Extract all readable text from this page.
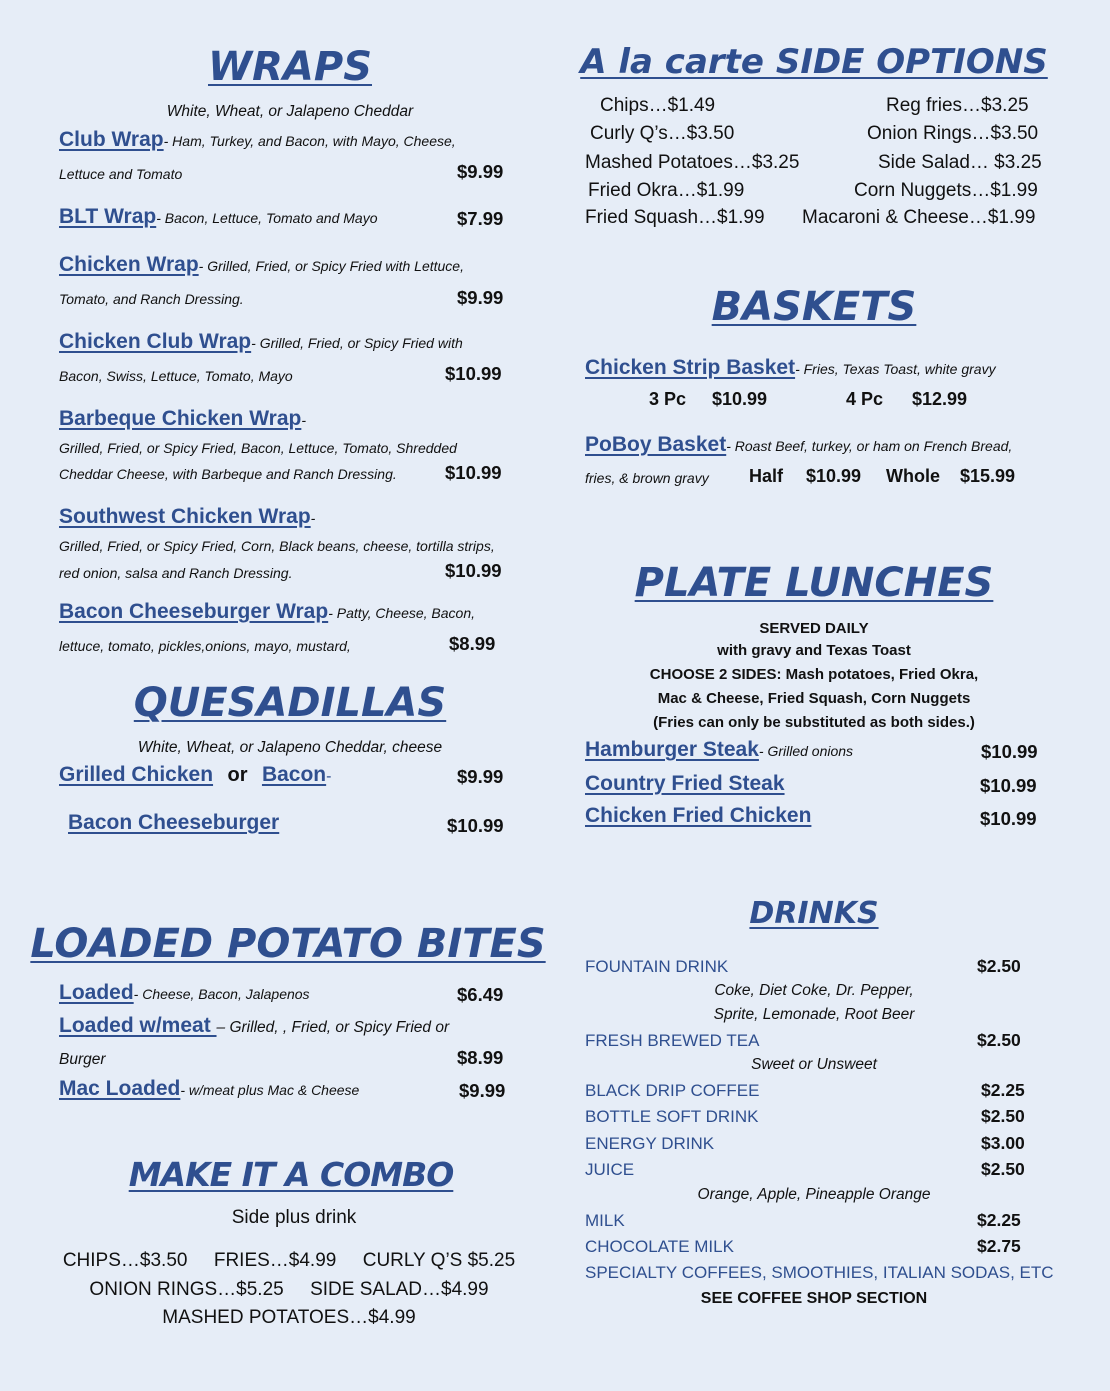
WRAPS
White, Wheat, or Jalapeno Cheddar
Club Wrap- Ham, Turkey, and Bacon, with Mayo, Cheese,
Lettuce and Tomato	$9.99
BLT Wrap- Bacon, Lettuce, Tomato and Mayo	$7.99
Chicken Wrap- Grilled, Fried, or Spicy Fried with Lettuce,
Tomato, and Ranch Dressing.	$9.99
Chicken Club Wrap- Grilled, Fried, or Spicy Fried with
Bacon, Swiss, Lettuce, Tomato, Mayo	$10.99
Barbeque Chicken Wrap-
Grilled, Fried, or Spicy Fried, Bacon, Lettuce, Tomato, Shredded
Cheddar Cheese, with Barbeque and Ranch Dressing.	$10.99
Southwest Chicken Wrap-
Grilled, Fried, or Spicy Fried, Corn, Black beans, cheese, tortilla strips,
red onion, salsa and Ranch Dressing.	$10.99
Bacon Cheeseburger Wrap- Patty, Cheese, Bacon,
lettuce, tomato, pickles,onions, mayo, mustard,	$8.99
QUESADILLAS
White, Wheat, or Jalapeno Cheddar, cheese
Grilled Chicken or Bacon-	$9.99
Bacon Cheeseburger	$10.99
LOADED POTATO BITES
Loaded- Cheese, Bacon, Jalapenos	$6.49
Loaded w/meat – Grilled, , Fried, or Spicy Fried or
Burger	$8.99
Mac Loaded- w/meat plus Mac & Cheese	$9.99
MAKE IT A COMBO
Side plus drink
CHIPS…$3.50     FRIES…$4.99     CURLY Q’S $5.25
ONION RINGS…$5.25     SIDE SALAD…$4.99
MASHED POTATOES…$4.99
A la carte SIDE OPTIONS
Chips…$1.49
Curly Q’s…$3.50
Mashed Potatoes…$3.25
Fried Okra…$1.99
Fried Squash…$1.99
Reg fries…$3.25
Onion Rings…$3.50
Side Salad… $3.25
Corn Nuggets…$1.99
Macaroni & Cheese…$1.99
BASKETS
Chicken Strip Basket- Fries, Texas Toast, white gravy
3 Pc $10.99	4 Pc $12.99
PoBoy Basket- Roast Beef, turkey, or ham on French Bread,
fries, & brown gravy Half $10.99 Whole $15.99
PLATE LUNCHES
SERVED DAILY
with gravy and Texas Toast
CHOOSE 2 SIDES: Mash potatoes, Fried Okra,
Mac & Cheese, Fried Squash, Corn Nuggets
(Fries can only be substituted as both sides.)
Hamburger Steak- Grilled onions	$10.99
Country Fried Steak	$10.99
Chicken Fried Chicken	$10.99
DRINKS
FOUNTAIN DRINK	$2.50
Coke, Diet Coke, Dr. Pepper,
Sprite, Lemonade, Root Beer
FRESH BREWED TEA	$2.50
Sweet or Unsweet
BLACK DRIP COFFEE	$2.25
BOTTLE SOFT DRINK	$2.50
ENERGY DRINK	$3.00
JUICE	$2.50
Orange, Apple, Pineapple Orange
MILK	$2.25
CHOCOLATE MILK	$2.75
SPECIALTY COFFEES, SMOOTHIES, ITALIAN SODAS, ETC
SEE COFFEE SHOP SECTION
